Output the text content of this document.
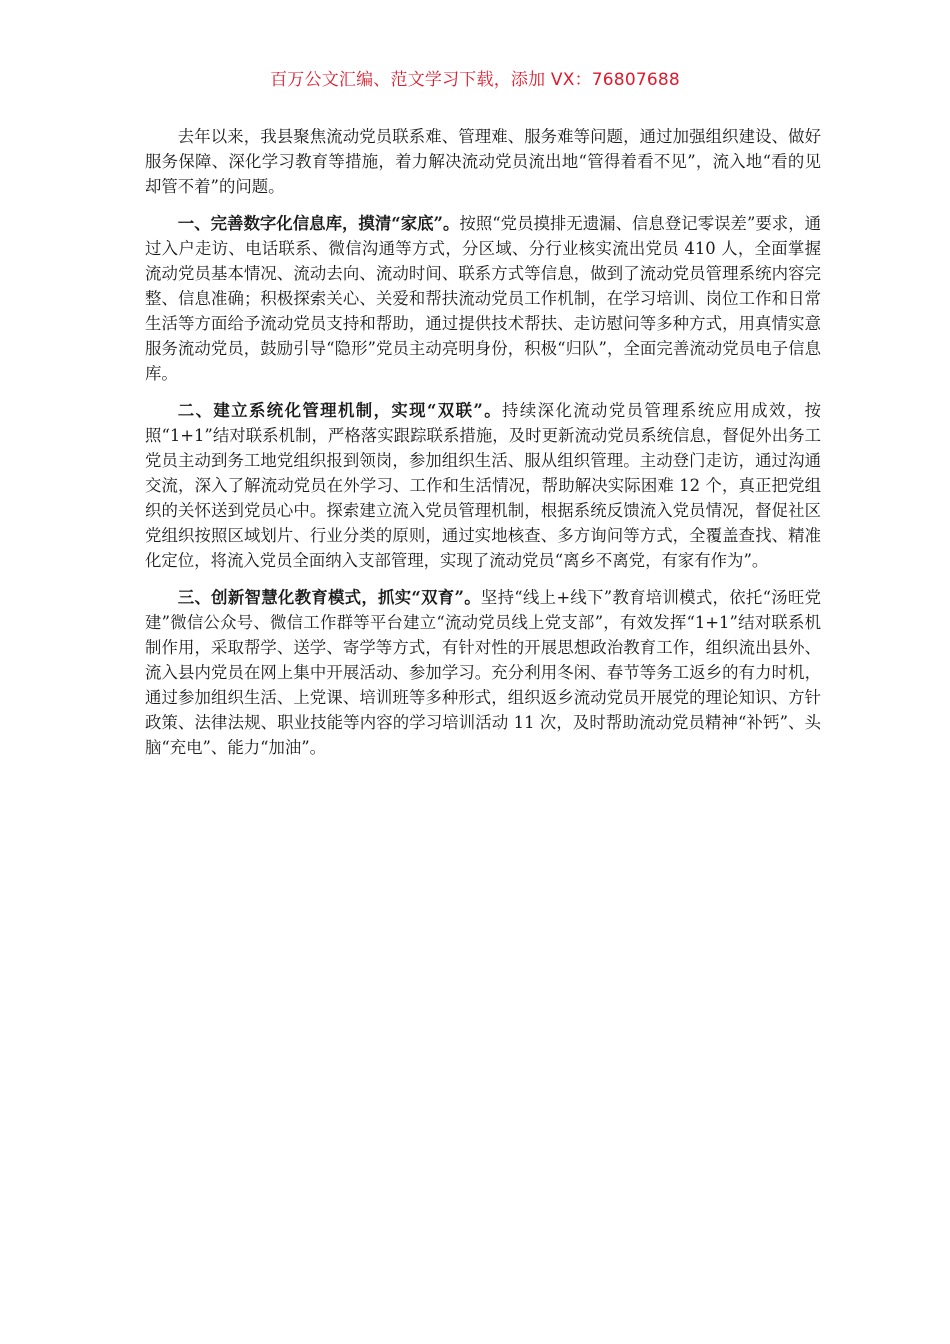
百万公文汇编、范文学习下载，添加 VX：76807688

去年以来，我县聚焦流动党员联系难、管理难、服务难等问题，通过加强组织建设、做好服务保障、深化学习教育等措施，着力解决流动党员流出地“管得着看不见”，流入地“看的见却管不着”的问题。

一、完善数字化信息库，摸清“家底”。按照“党员摸排无遗漏、信息登记零误差”要求，通过入户走访、电话联系、微信沟通等方式，分区域、分行业核实流出党员 410 人，全面掌握流动党员基本情况、流动去向、流动时间、联系方式等信息，做到了流动党员管理系统内容完整、信息准确；积极探索关心、关爱和帮扶流动党员工作机制，在学习培训、岗位工作和日常生活等方面给予流动党员支持和帮助，通过提供技术帮扶、走访慰问等多种方式，用真情实意服务流动党员，鼓励引导“隐形”党员主动亮明身份，积极“归队”，全面完善流动党员电子信息库。

二、建立系统化管理机制，实现“双联”。持续深化流动党员管理系统应用成效，按照“1+1”结对联系机制，严格落实跟踪联系措施，及时更新流动党员系统信息，督促外出务工党员主动到务工地党组织报到领岗，参加组织生活、服从组织管理。主动登门走访，通过沟通交流，深入了解流动党员在外学习、工作和生活情况，帮助解决实际困难 12 个，真正把党组织的关怀送到党员心中。探索建立流入党员管理机制，根据系统反馈流入党员情况，督促社区党组织按照区域划片、行业分类的原则，通过实地核查、多方询问等方式，全覆盖查找、精准化定位，将流入党员全面纳入支部管理，实现了流动党员“离乡不离党，有家有作为”。

三、创新智慧化教育模式，抓实“双育”。坚持“线上+线下”教育培训模式，依托“汤旺党建”微信公众号、微信工作群等平台建立“流动党员线上党支部”，有效发挥“1+1”结对联系机制作用，采取帮学、送学、寄学等方式，有针对性的开展思想政治教育工作，组织流出县外、流入县内党员在网上集中开展活动、参加学习。充分利用冬闲、春节等务工返乡的有力时机，通过参加组织生活、上党课、培训班等多种形式，组织返乡流动党员开展党的理论知识、方针政策、法律法规、职业技能等内容的学习培训活动 11 次，及时帮助流动党员精神“补钙”、头脑“充电”、能力“加油”。
